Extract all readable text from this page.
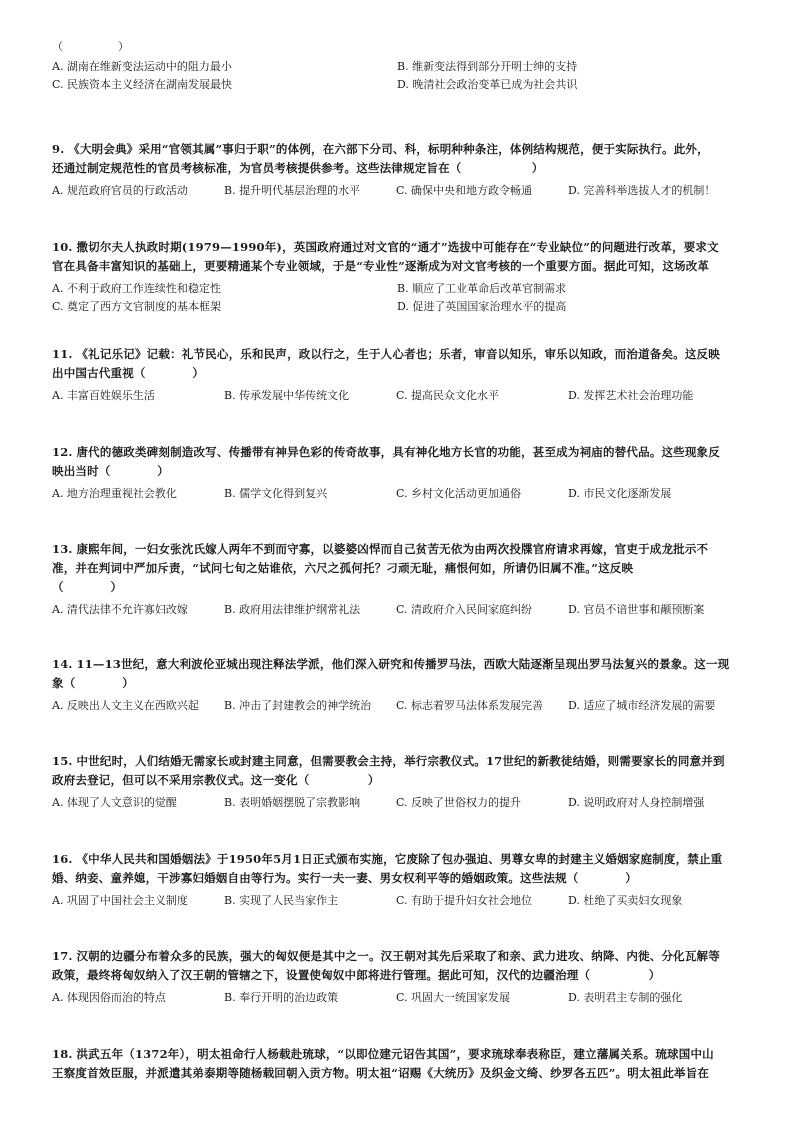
（　　　　　）
A. 湖南在维新变法运动中的阻力最小	B. 维新变法得到部分开明士绅的支持
C. 民族资本主义经济在湖南发展最快	D. 晚清社会政治变革已成为社会共识

9. 《大明会典》采用“官领其属”事归于职”的体例，在六部下分司、科，标明种种条注，体例结构规范，便于实际执行。此外，
还通过制定规范性的官员考核标准，为官员考核提供参考。这些法律规定旨在（　　　　　　）

A. 规范政府官员的行政活动	B. 提升明代基层治理的水平	C. 确保中央和地方政令畅通	D. 完善科举选拔人才的机制！

10. 撒切尔夫人执政时期(1979—1990年)，英国政府通过对文官的“通才”选拔中可能存在“专业缺位”的问题进行改革，要求文
官在具备丰富知识的基础上，更要精通某个专业领域，于是“专业性”逐渐成为对文官考核的一个重要方面。据此可知，这场改革

A. 不利于政府工作连续性和稳定性	B. 顺应了工业革命后改革官制需求
C. 奠定了西方文官制度的基本框架	D. 促进了英国国家治理水平的提高

11. 《礼记乐记》记载：礼节民心，乐和民声，政以行之，生于人心者也；乐者，审音以知乐，审乐以知政，而治道备矣。这反映
出中国古代重视（　　　　）

A. 丰富百姓娱乐生活	B. 传承发展中华传统文化	C. 提高民众文化水平	D. 发挥艺术社会治理功能

12. 唐代的德政类碑刻制造改写、传播带有神异色彩的传奇故事，具有神化地方长官的功能，甚至成为祠庙的替代品。这些现象反
映出当时（　　　　）

A. 地方治理重视社会教化	B. 儒学文化得到复兴	C. 乡村文化活动更加通俗	D. 市民文化逐渐发展

13. 康熙年间，一妇女张沈氏嫁人两年不到而守寡，以婆婆凶悍而自己贫苦无依为由两次投牒官府请求再嫁，官吏于成龙批示不
准，并在判词中严加斥责，“试问七旬之姑谁依，六尺之孤何托？刁顽无耻，痛恨何如，所请仍旧属不准。”这反映
（　　　　）

A. 清代法律不允许寡妇改嫁	B. 政府用法律维护纲常礼法	C. 清政府介入民间家庭纠纷	D. 官员不谙世事和颟顸断案

14. 11—13世纪，意大利波伦亚城出现注释法学派，他们深入研究和传播罗马法，西欧大陆逐渐呈现出罗马法复兴的景象。这一现
象（　　　　）

A. 反映出人文主义在西欧兴起	B. 冲击了封建教会的神学统治	C. 标志着罗马法体系发展完善	D. 适应了城市经济发展的需要

15. 中世纪时，人们结婚无需家长或封建主同意，但需要教会主持，举行宗教仪式。17世纪的新教徒结婚，则需要家长的同意并到
政府去登记，但可以不采用宗教仪式。这一变化（　　　　　）

A. 体现了人文意识的觉醒	B. 表明婚姻摆脱了宗教影响	C. 反映了世俗权力的提升	D. 说明政府对人身控制增强

16. 《中华人民共和国婚姻法》于1950年5月1日正式颁布实施，它废除了包办强迫、男尊女卑的封建主义婚姻家庭制度，禁止重
婚、纳妾、童养媳，干涉寡妇婚姻自由等行为。实行一夫一妻、男女权利平等的婚姻政策。这些法规（　　　　）

A. 巩固了中国社会主义制度	B. 实现了人民当家作主	C. 有助于提升妇女社会地位	D. 杜绝了买卖妇女现象

17. 汉朝的边疆分布着众多的民族，强大的匈奴便是其中之一。汉王朝对其先后采取了和亲、武力进攻、纳降、内徙、分化瓦解等
政策，最终将匈奴纳入了汉王朝的管辖之下，设置使匈奴中郎将进行管理。据此可知，汉代的边疆治理（　　　　　）

A. 体现因俗而治的特点	B. 奉行开明的治边政策	C. 巩固大一统国家发展	D. 表明君主专制的强化

18. 洪武五年（1372年），明太祖命行人杨载赴琉球，“以即位建元诏告其国”，要求琉球奉表称臣，建立藩属关系。琉球国中山
王察度首效臣服，并派遣其弟泰期等随杨载回朝入贡方物。明太祖“诏赐《大统历》及织金文绮、纱罗各五匹”。明太祖此举旨在
